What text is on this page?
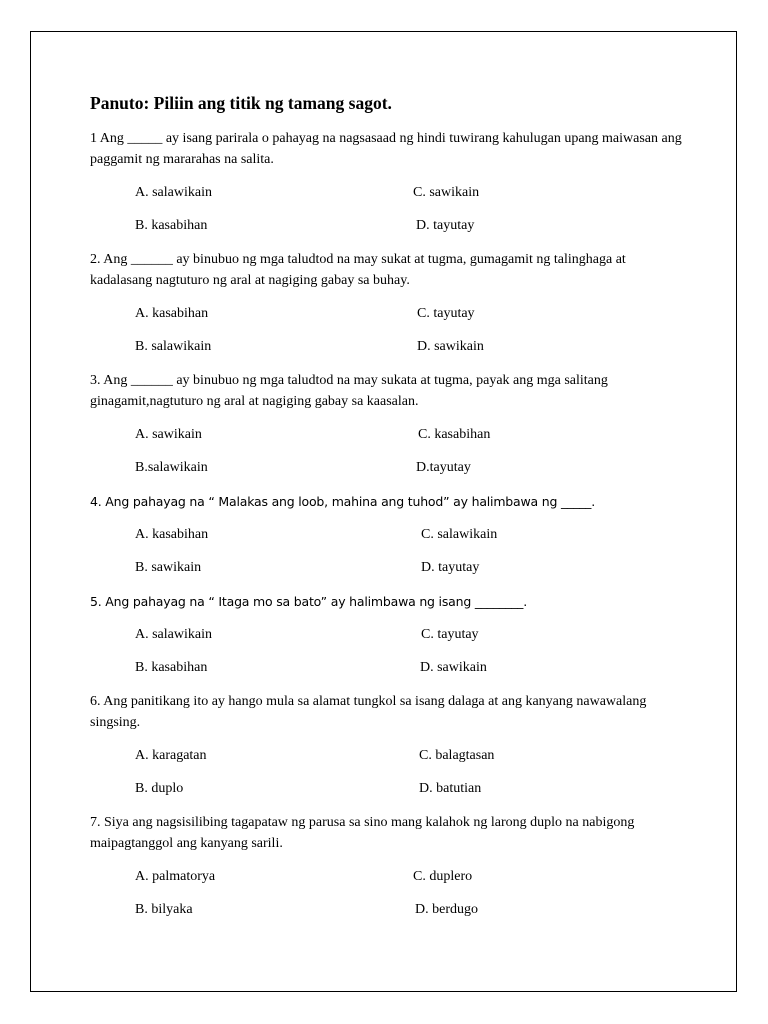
Panuto: Piliin ang titik ng tamang sagot.

1 Ang _____ ay isang parirala o pahayag na nagsasaad ng hindi tuwirang kahulugan upang maiwasan ang paggamit ng mararahas na salita.

A. salawikain	C. sawikain
B. kasabihan	D. tayutay

2. Ang ______ ay binubuo ng mga taludtod na may sukat at tugma, gumagamit ng talinghaga at kadalasang nagtuturo ng aral at nagiging gabay sa buhay.

A. kasabihan	C. tayutay
B. salawikain	D. sawikain

3. Ang ______ ay binubuo ng mga taludtod na may sukata at tugma, payak ang mga salitang ginagamit,nagtuturo ng aral at nagiging gabay sa kaasalan.

A. sawikain	C. kasabihan
B.salawikain	D.tayutay

4. Ang pahayag na “ Malakas ang loob, mahina ang tuhod” ay halimbawa ng _____.

A. kasabihan	C. salawikain
B. sawikain	D. tayutay

5. Ang pahayag na “ Itaga mo sa bato” ay halimbawa ng isang ________.

A. salawikain	C. tayutay
B. kasabihan	D. sawikain

6. Ang panitikang ito ay hango mula sa alamat tungkol sa isang dalaga at ang kanyang nawawalang singsing.

A. karagatan	C. balagtasan
B. duplo	D. batutian

7. Siya ang nagsisilibing tagapataw ng parusa sa sino mang kalahok ng larong duplo na nabigong maipagtanggol ang kanyang sarili.

A. palmatorya	C. duplero
B. bilyaka	D. berdugo
